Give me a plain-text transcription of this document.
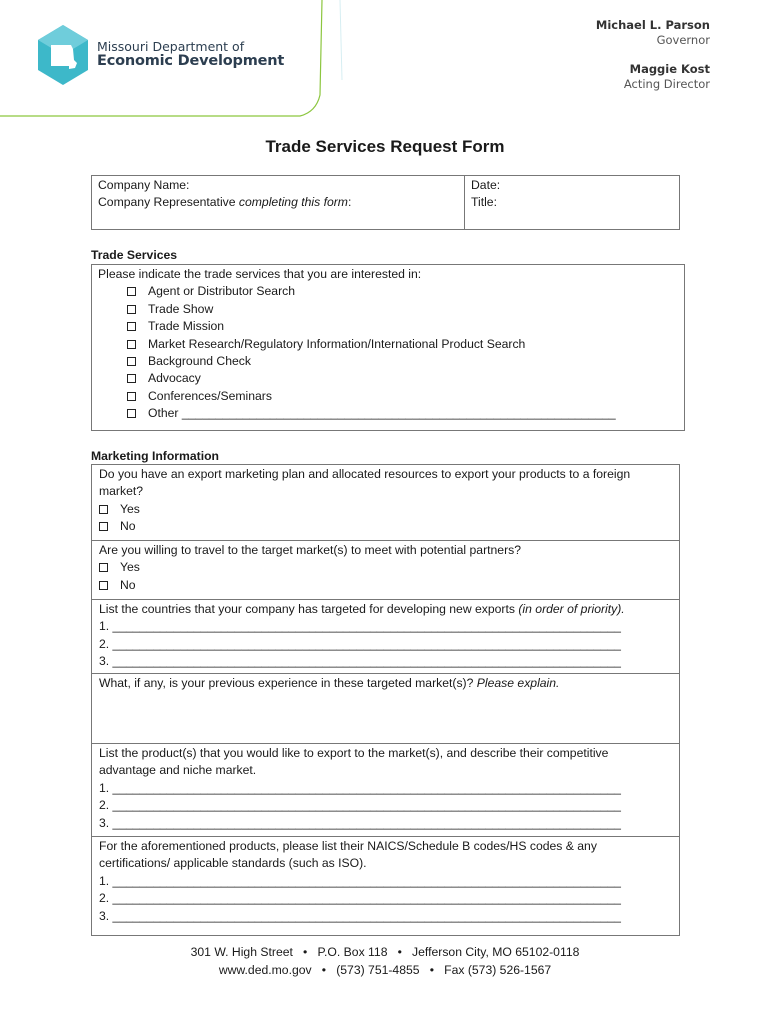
Missouri Department of
Economic Development
Michael L. Parson
Governor
Maggie Kost
Acting Director
Trade Services Request Form
Company Name:
Company Representative completing this form:
Date:
Title:
Trade Services
Please indicate the trade services that you are interested in:
Agent or Distributor Search
Trade Show
Trade Mission
Market Research/Regulatory Information/International Product Search
Background Check
Advocacy
Conferences/Seminars
Other ________________________________________________________________
Marketing Information
Do you have an export marketing plan and allocated resources to export your products to a foreign
market?
Yes
No
Are you willing to travel to the target market(s) to meet with potential partners?
Yes
No
List the countries that your company has targeted for developing new exports (in order of priority).
1. ___________________________________________________________________________
2. ___________________________________________________________________________
3. ___________________________________________________________________________
What, if any, is your previous experience in these targeted market(s)? Please explain.
List the product(s) that you would like to export to the market(s), and describe their competitive
advantage and niche market.
1. ___________________________________________________________________________
2. ___________________________________________________________________________
3. ___________________________________________________________________________
For the aforementioned products, please list their NAICS/Schedule B codes/HS codes & any
certifications/ applicable standards (such as ISO).
1. ___________________________________________________________________________
2. ___________________________________________________________________________
3. ___________________________________________________________________________
301 W. High Street   •   P.O. Box 118   •   Jefferson City, MO 65102-0118
www.ded.mo.gov   •   (573) 751-4855   •   Fax (573) 526-1567
